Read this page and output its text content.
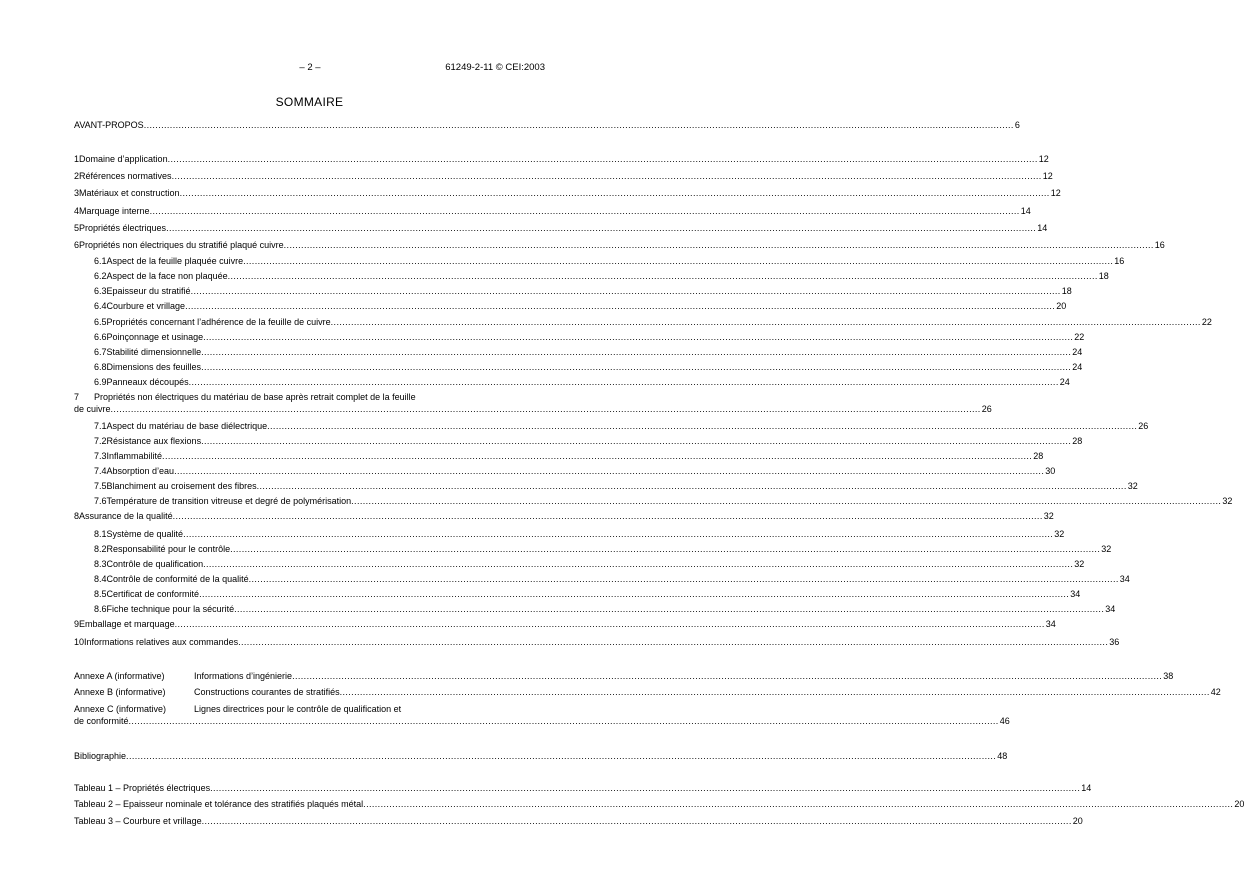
– 2 –	61249-2-11 © CEI:2003
SOMMAIRE
AVANT-PROPOS ............................................................................................................................................................................................................................................................................................................ 6
1 Domaine d’application ............................................................................................................................................................................................................................................................................................................ 12
2 Références normatives ............................................................................................................................................................................................................................................................................................................ 12
3 Matériaux et construction ............................................................................................................................................................................................................................................................................................................ 12
4 Marquage interne ............................................................................................................................................................................................................................................................................................................ 14
5 Propriétés électriques ............................................................................................................................................................................................................................................................................................................ 14
6 Propriétés non électriques du stratifié plaqué cuivre ............................................................................................................................................................................................................................................................................................................ 16
6.1 Aspect de la feuille plaquée cuivre ............................................................................................................................................................................................................................................................................................................ 16
6.2 Aspect de la face non plaquée ............................................................................................................................................................................................................................................................................................................ 18
6.3 Epaisseur du stratifié ............................................................................................................................................................................................................................................................................................................ 18
6.4 Courbure et vrillage ............................................................................................................................................................................................................................................................................................................ 20
6.5 Propriétés concernant l’adhérence de la feuille de cuivre ............................................................................................................................................................................................................................................................................................................ 22
6.6 Poinçonnage et usinage ............................................................................................................................................................................................................................................................................................................ 22
6.7 Stabilité dimensionnelle ............................................................................................................................................................................................................................................................................................................ 24
6.8 Dimensions des feuilles ............................................................................................................................................................................................................................................................................................................ 24
6.9 Panneaux découpés ............................................................................................................................................................................................................................................................................................................ 24
7	Propriétés non électriques du matériau de base après retrait complet de la feuille
de cuivre ............................................................................................................................................................................................................................................................................................................ 26
7.1 Aspect du matériau de base diélectrique ............................................................................................................................................................................................................................................................................................................ 26
7.2 Résistance aux flexions ............................................................................................................................................................................................................................................................................................................ 28
7.3 Inflammabilité ............................................................................................................................................................................................................................................................................................................ 28
7.4 Absorption d’eau ............................................................................................................................................................................................................................................................................................................ 30
7.5 Blanchiment au croisement des fibres ............................................................................................................................................................................................................................................................................................................ 32
7.6 Température de transition vitreuse et degré de polymérisation ............................................................................................................................................................................................................................................................................................................ 32
8 Assurance de la qualité ............................................................................................................................................................................................................................................................................................................ 32
8.1 Système de qualité ............................................................................................................................................................................................................................................................................................................ 32
8.2 Responsabilité pour le contrôle ............................................................................................................................................................................................................................................................................................................ 32
8.3 Contrôle de qualification ............................................................................................................................................................................................................................................................................................................ 32
8.4 Contrôle de conformité de la qualité ............................................................................................................................................................................................................................................................................................................ 34
8.5 Certificat de conformité ............................................................................................................................................................................................................................................................................................................ 34
8.6 Fiche technique pour la sécurité ............................................................................................................................................................................................................................................................................................................ 34
9 Emballage et marquage ............................................................................................................................................................................................................................................................................................................ 34
10 Informations relatives aux commandes ............................................................................................................................................................................................................................................................................................................ 36
Annexe A (informative)	Informations d’ingénierie ............................................................................................................................................................................................................................................................................................................ 38
Annexe B (informative)	Constructions courantes de stratifiés ............................................................................................................................................................................................................................................................................................................ 42
Annexe C (informative)	Lignes directrices pour le contrôle de qualification et
de conformité ............................................................................................................................................................................................................................................................................................................ 46
Bibliographie ............................................................................................................................................................................................................................................................................................................ 48
Tableau 1 – Propriétés électriques ............................................................................................................................................................................................................................................................................................................ 14
Tableau 2 – Epaisseur nominale et tolérance des stratifiés plaqués métal ............................................................................................................................................................................................................................................................................................................ 20
Tableau 3 – Courbure et vrillage ............................................................................................................................................................................................................................................................................................................ 20
